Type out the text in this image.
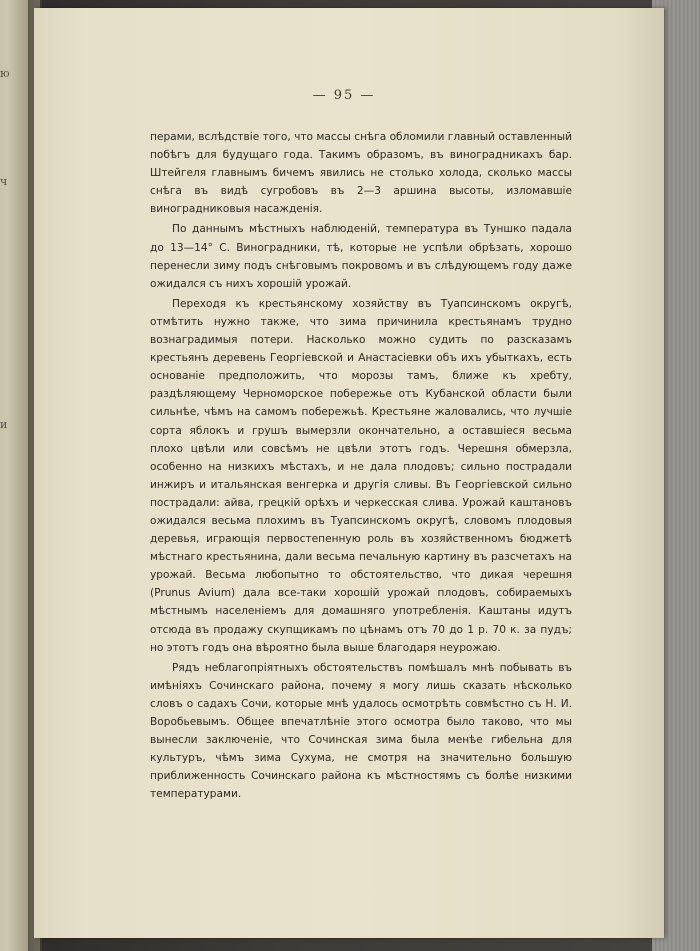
ю

ч

и

— 95 —

перами, вслѣдствіе того, что массы снѣга обломили главный оставленный побѣгъ для будущаго года. Такимъ образомъ, въ виноградникахъ бар. Штейгеля главнымъ бичемъ явились не столько холода, сколько массы снѣга въ видѣ сугробовъ въ 2—3 аршина высоты, изломавшіе виноградниковыя насажденія.

По даннымъ мѣстныхъ наблюденій, температура въ Туншко падала до 13—14° С. Виноградники, тѣ, которые не успѣли обрѣзать, хорошо перенесли зиму подъ снѣговымъ покровомъ и въ слѣдующемъ году даже ожидался съ нихъ хорошій урожай.

Переходя къ крестьянскому хозяйству въ Туапсинскомъ округѣ, отмѣтить нужно также, что зима причинила крестьянамъ трудно вознаградимыя потери. Насколько можно судить по разсказамъ крестьянъ деревень Георгіевской и Анастасіевки объ ихъ убыткахъ, есть основаніе предположить, что морозы тамъ, ближе къ хребту, раздѣляющему Черноморское побережье отъ Кубанской области были сильнѣе, чѣмъ на самомъ побережьѣ. Крестьяне жаловались, что лучшіе сорта яблокъ и грушъ вымерзли окончательно, а оставшіеся весьма плохо цвѣли или совсѣмъ не цвѣли этотъ годъ. Черешня обмерзла, особенно на низкихъ мѣстахъ, и не дала плодовъ; сильно пострадали инжиръ и итальянская венгерка и другія сливы. Въ Георгіевской сильно пострадали: айва, грецкій орѣхъ и черкесская слива. Урожай каштановъ ожидался весьма плохимъ въ Туапсинскомъ округѣ, словомъ плодовыя деревья, играющія первостепенную роль въ хозяйственномъ бюджетѣ мѣстнаго крестьянина, дали весьма печальную картину въ разсчетахъ на урожай. Весьма любопытно то обстоятельство, что дикая черешня (Prunus Avium) дала все-таки хорошій урожай плодовъ, собираемыхъ мѣстнымъ населеніемъ для домашняго употребленія. Каштаны идутъ отсюда въ продажу скупщикамъ по цѣнамъ отъ 70 до 1 р. 70 к. за пудъ; но этотъ годъ она вѣроятно была выше благодаря неурожаю.

Рядъ неблагопріятныхъ обстоятельствъ помѣшалъ мнѣ побывать въ имѣніяхъ Сочинскаго района, почему я могу лишь сказать нѣсколько словъ о садахъ Сочи, которые мнѣ удалось осмотрѣть совмѣстно съ Н. И. Воробьевымъ. Общее впечатлѣніе этого осмотра было таково, что мы вынесли заключеніе, что Сочинская зима была менѣе гибельна для культуръ, чѣмъ зима Сухума, не смотря на значительно большую приближенность Сочинскаго района къ мѣстностямъ съ болѣе низкими температурами.
